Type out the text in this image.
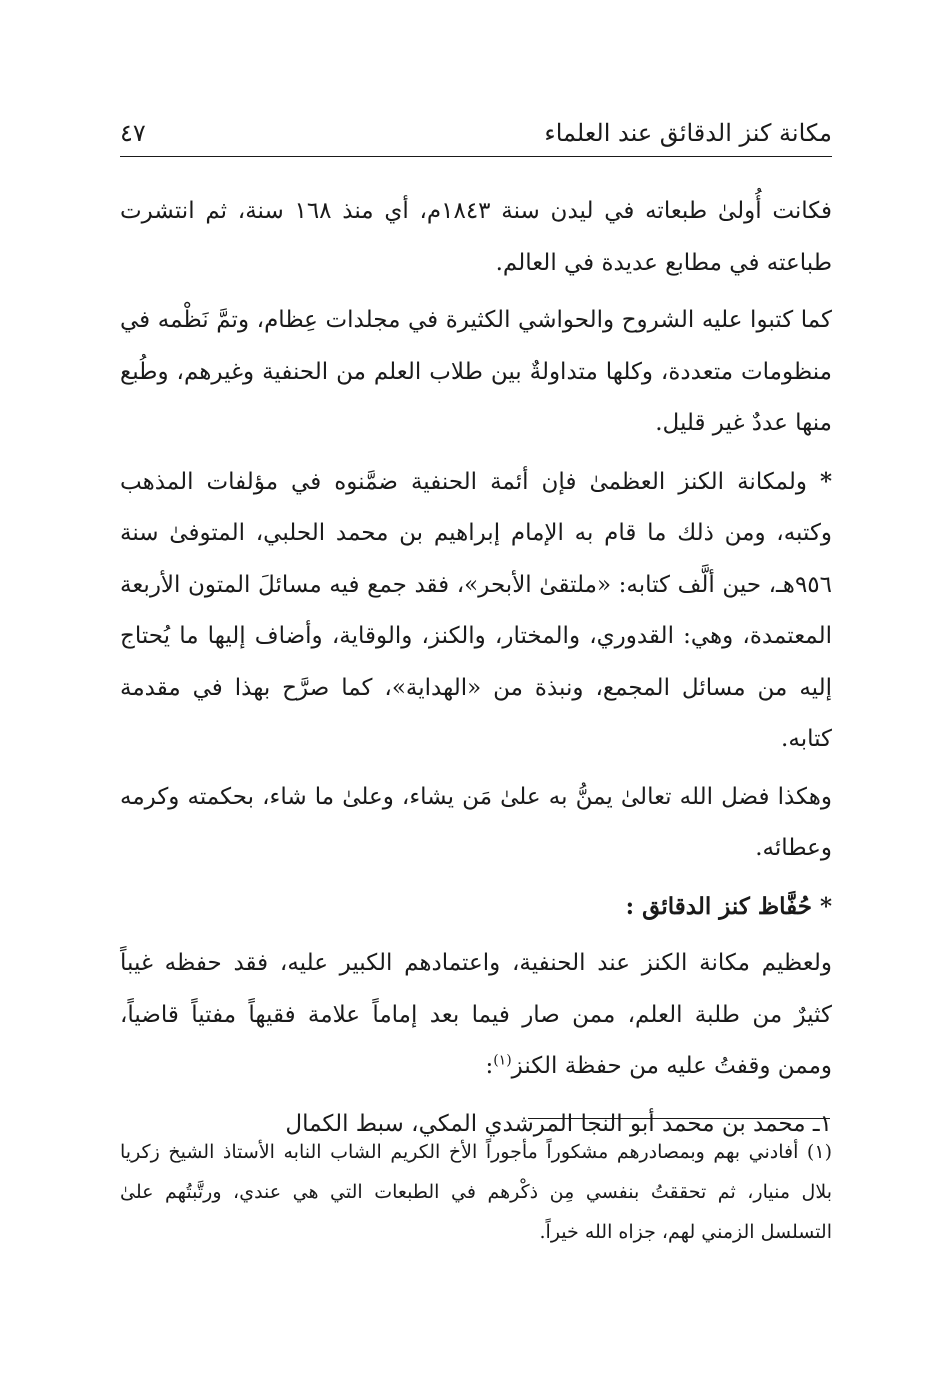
مكانة كنز الدقائق عند العلماء
٤٧

فكانت أُولىٰ طبعاته في ليدن سنة ١٨٤٣م، أي منذ ١٦٨ سنة، ثم انتشرت طباعته في مطابع عديدة في العالم.

كما كتبوا عليه الشروح والحواشي الكثيرة في مجلدات عِظام، وتمَّ نَظْمه في منظومات متعددة، وكلها متداولةٌ بين طلاب العلم من الحنفية وغيرهم، وطُبع منها عددٌ غير قليل.

* ولمكانة الكنز العظمىٰ فإن أئمة الحنفية ضمَّنوه في مؤلفات المذهب وكتبه، ومن ذلك ما قام به الإمام إبراهيم بن محمد الحلبي، المتوفىٰ سنة ٩٥٦هـ، حين ألَّف كتابه: «ملتقىٰ الأبحر»، فقد جمع فيه مسائلَ المتون الأربعة المعتمدة، وهي: القدوري، والمختار، والكنز، والوقاية، وأضاف إليها ما يُحتاج إليه من مسائل المجمع، ونبذة من «الهداية»، كما صرَّح بهذا في مقدمة كتابه.

وهكذا فضل الله تعالىٰ يمنُّ به علىٰ مَن يشاء، وعلىٰ ما شاء، بحكمته وكرمه وعطائه.

* حُفَّاظ كنز الدقائق :

ولعظيم مكانة الكنز عند الحنفية، واعتمادهم الكبير عليه، فقد حفظه غيباً كثيرٌ من طلبة العلم، ممن صار فيما بعد إماماً علامة فقيهاً مفتياً قاضياً، وممن وقفتُ عليه من حفظة الكنز$^{(١)}$:

١ـ محمد بن محمد أبو النجا المرشدي المكي، سبط الكمال

(١) أفادني بهم وبمصادرهم مشكوراً مأجوراً الأخ الكريم الشاب النابه الأستاذ الشيخ زكريا بلال منيار، ثم تحققتُ بنفسي مِن ذكْرهم في الطبعات التي هي عندي، ورتَّبتُهم علىٰ التسلسل الزمني لهم، جزاه الله خيراً.
